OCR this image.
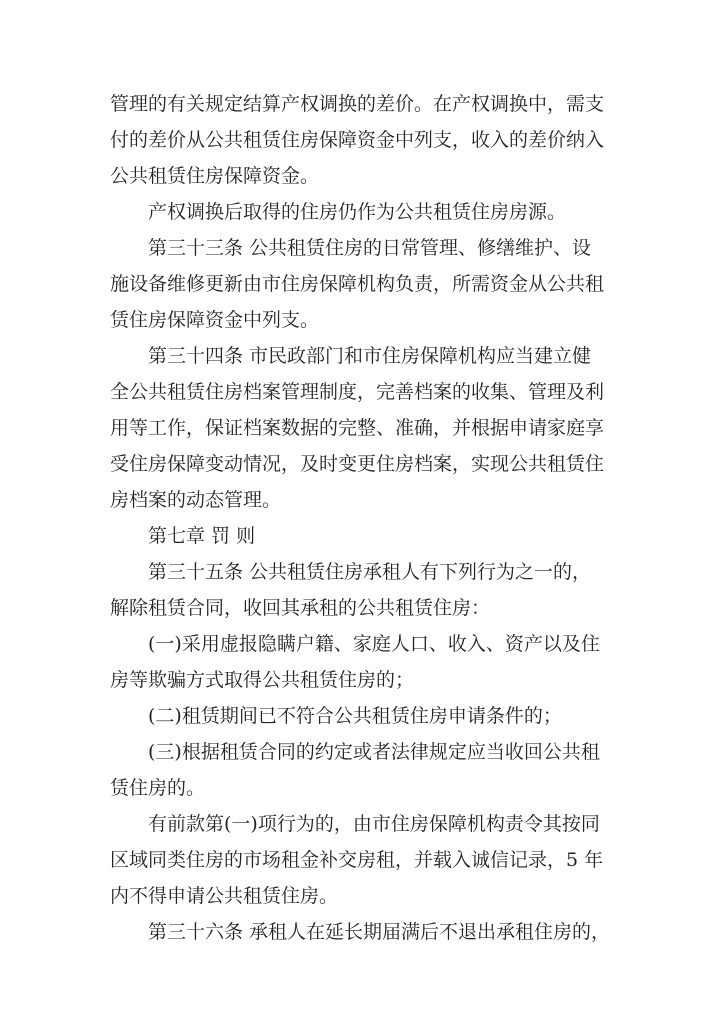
管理的有关规定结算产权调换的差价。在产权调换中，需支
付的差价从公共租赁住房保障资金中列支，收入的差价纳入
公共租赁住房保障资金。
产权调换后取得的住房仍作为公共租赁住房房源。
第三十三条 公共租赁住房的日常管理、修缮维护、设
施设备维修更新由市住房保障机构负责，所需资金从公共租
赁住房保障资金中列支。
第三十四条 市民政部门和市住房保障机构应当建立健
全公共租赁住房档案管理制度，完善档案的收集、管理及利
用等工作，保证档案数据的完整、准确，并根据申请家庭享
受住房保障变动情况，及时变更住房档案，实现公共租赁住
房档案的动态管理。
第七章 罚 则
第三十五条 公共租赁住房承租人有下列行为之一的，
解除租赁合同，收回其承租的公共租赁住房：
(一)采用虚报隐瞒户籍、家庭人口、收入、资产以及住
房等欺骗方式取得公共租赁住房的；
(二)租赁期间已不符合公共租赁住房申请条件的；
(三)根据租赁合同的约定或者法律规定应当收回公共租
赁住房的。
有前款第(一)项行为的，由市住房保障机构责令其按同
区域同类住房的市场租金补交房租，并载入诚信记录，5 年
内不得申请公共租赁住房。
第三十六条 承租人在延长期届满后不退出承租住房的，
